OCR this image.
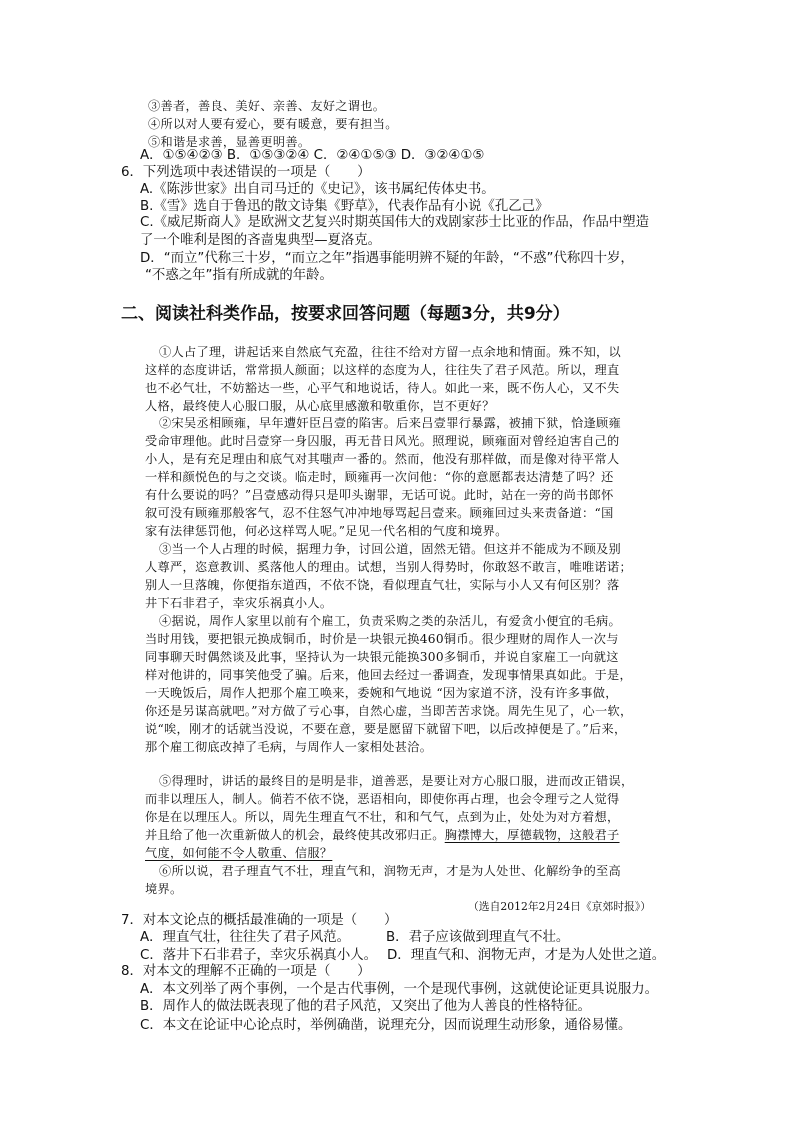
③善者，善良、美好、亲善、友好之谓也。
④所以对人要有爱心，要有暖意，要有担当。
⑤和谐是求善，显善更明善。
A．①⑤④②③ B．①⑤③②④ C．②④①⑤③ D．③②④①⑤
6．下列选项中表述错误的一项是（　　）
A.《陈涉世家》出自司马迁的《史记》，该书属纪传体史书。
B.《雪》选自于鲁迅的散文诗集《野草》，代表作品有小说《孔乙己》
C.《威尼斯商人》是欧洲文艺复兴时期英国伟大的戏剧家莎士比亚的作品，作品中塑造
了一个唯利是图的吝啬鬼典型—夏洛克。
D．“而立”代称三十岁，“而立之年”指遇事能明辨不疑的年龄，“不惑”代称四十岁，
“不惑之年”指有所成就的年龄。
二、阅读社科类作品，按要求回答问题（每题3分，共9分）
①人占了理，讲起话来自然底气充盈，往往不给对方留一点余地和情面。殊不知，以
这样的态度讲话，常常损人颜面；以这样的态度为人，往往失了君子风范。所以，理直
也不必气壮，不妨豁达一些，心平气和地说话，待人。如此一来，既不伤人心，又不失
人格，最终使人心服口服，从心底里感激和敬重你，岂不更好？
②宋吴丞相顾雍，早年遭奸臣吕壹的陷害。后来吕壹罪行暴露，被捕下狱，恰逢顾雍
受命审理他。此时吕壹穿一身囚服，再无昔日风光。照理说，顾雍面对曾经迫害自己的
小人，是有充足理由和底气对其嗤声一番的。然而，他没有那样做，而是像对待平常人
一样和颜悦色的与之交谈。临走时，顾雍再一次问他：“你的意愿都表达清楚了吗？还
有什么要说的吗？”吕壹感动得只是叩头谢罪，无话可说。此时，站在一旁的尚书郎怀
叙可没有顾雍那般客气，忍不住怒气冲冲地辱骂起吕壹来。顾雍回过头来责备道：“国
家有法律惩罚他，何必这样骂人呢。”足见一代名相的气度和境界。
③当一个人占理的时候，据理力争，讨回公道，固然无错。但这并不能成为不顾及别
人尊严，恣意教训、奚落他人的理由。试想，当别人得势时，你敢怒不敢言，唯唯诺诺；
别人一旦落魄，你便指东道西，不依不饶，看似理直气壮，实际与小人又有何区别？落
井下石非君子，幸灾乐祸真小人。
④据说，周作人家里以前有个雇工，负责采购之类的杂活儿，有爱贪小便宜的毛病。
当时用钱，要把银元换成铜币，时价是一块银元换460铜币。很少理财的周作人一次与
同事聊天时偶然谈及此事，坚持认为一块银元能换300多铜币，并说自家雇工一向就这
样对他讲的，同事笑他受了骗。后来，他回去经过一番调查，发现事情果真如此。于是，
一天晚饭后，周作人把那个雇工唤来，委婉和气地说 “因为家道不济，没有许多事做，
你还是另谋高就吧。”对方做了亏心事，自然心虚，当即苦苦求饶。周先生见了，心一软，
说“唉，刚才的话就当没说，不要在意，要是愿留下就留下吧，以后改掉便是了。”后来，
那个雇工彻底改掉了毛病，与周作人一家相处甚洽。
⑤得理时，讲话的最终目的是明是非，道善恶，是要让对方心服口服，进而改正错误，
而非以理压人，制人。倘若不依不饶，恶语相向，即使你再占理，也会令理亏之人觉得
你是在以理压人。所以，周先生理直气不壮，和和气气，点到为止，处处为对方着想，
并且给了他一次重新做人的机会，最终使其改邪归正。胸襟博大，厚德载物，这般君子
气度，如何能不令人敬重、信服？
⑥所以说，君子理直气不壮，理直气和，润物无声，才是为人处世、化解纷争的至高
境界。
（选自2012年2月24日《京郊时报》）
7．对本文论点的概括最准确的一项是（　　）
A．理直气壮，往往失了君子风范。	B．君子应该做到理直气不壮。
C．落井下石非君子，幸灾乐祸真小人。 D．理直气和、润物无声，才是为人处世之道。
8．对本文的理解不正确的一项是（　　）
A．本文列举了两个事例，一个是古代事例，一个是现代事例，这就使论证更具说服力。
B．周作人的做法既表现了他的君子风范，又突出了他为人善良的性格特征。
C．本文在论证中心论点时，举例确凿，说理充分，因而说理生动形象，通俗易懂。
